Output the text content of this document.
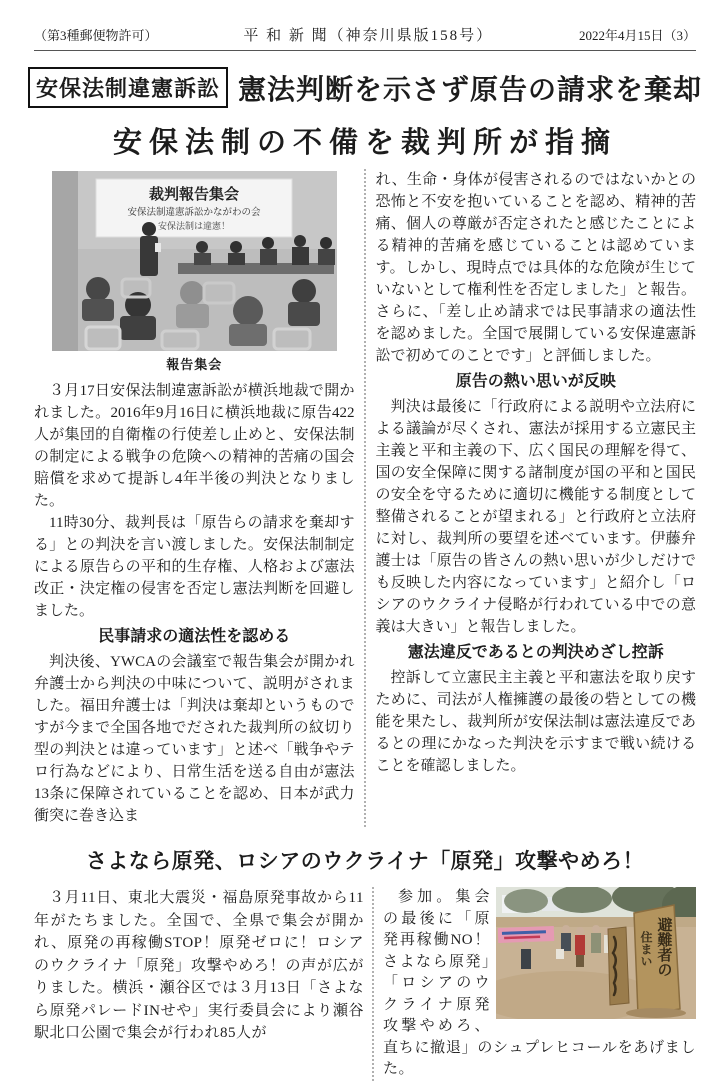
（第3種郵便物許可）	平 和 新 聞（神奈川県版158号）	2022年4月15日（3）
安保法制違憲訴訟 憲法判断を示さず原告の請求を棄却
安保法制の不備を裁判所が指摘
裁判報告集会
安保法制違憲訴訟かながわの会
安保法制は違憲！
報告集会

３月17日安保法制違憲訴訟が横浜地裁で開かれました。2016年9月16日に横浜地裁に原告422人が集団的自衛権の行使差し止めと、安保法制の制定による戦争の危険への精神的苦痛の国会賠償を求めて提訴し4年半後の判決となりました。

11時30分、裁判長は「原告らの請求を棄却する」との判決を言い渡しました。安保法制制定による原告らの平和的生存権、人格および憲法改正・決定権の侵害を否定し憲法判断を回避しました。

民事請求の適法性を認める

判決後、YWCAの会議室で報告集会が開かれ弁護士から判決の中味について、説明がされました。福田弁護士は「判決は棄却というものですが今まで全国各地でだされた裁判所の紋切り型の判決とは違っています」と述べ「戦争やテロ行為などにより、日常生活を送る自由が憲法13条に保障されていることを認め、日本が武力衝突に巻き込ま

れ、生命・身体が侵害されるのではないかとの恐怖と不安を抱いていることを認め、精神的苦痛、個人の尊厳が否定されたと感じたことによる精神的苦痛を感じていることは認めています。しかし、現時点では具体的な危険が生じていないとして権利性を否定しました」と報告。さらに、「差し止め請求では民事請求の適法性を認めました。全国で展開している安保違憲訴訟で初めてのことです」と評価しました。

原告の熱い思いが反映

判決は最後に「行政府による説明や立法府による議論が尽くされ、憲法が採用する立憲民主主義と平和主義の下、広く国民の理解を得て、国の安全保障に関する諸制度が国の平和と国民の安全を守るために適切に機能する制度として整備されることが望まれる」と行政府と立法府に対し、裁判所の要望を述べています。伊藤弁護士は「原告の皆さんの熱い思いが少しだけでも反映した内容になっています」と紹介し「ロシアのウクライナ侵略が行われている中での意義は大きい」と報告しました。

憲法違反であるとの判決めざし控訴

控訴して立憲民主主義と平和憲法を取り戻すために、司法が人権擁護の最後の砦としての機能を果たし、裁判所が安保法制は憲法違反であるとの理にかなった判決を示すまで戦い続けることを確認しました。

さよなら原発、ロシアのウクライナ「原発」攻撃やめろ！

３月11日、東北大震災・福島原発事故から11年がたちました。全国で、全県で集会が開かれ、原発の再稼働STOP！原発ゼロに！ロシアのウクライナ「原発」攻撃やめろ！の声が広がりました。横浜・瀬谷区では３月13日「さよなら原発パレードINせや」実行委員会により瀬谷駅北口公園で集会が行われ85人が

避難者の
住まい

参加。集会の最後に「原発再稼働NO！さよなら原発」「ロシアのウクライナ原発攻撃やめろ、直ちに撤退」のシュプレヒコールをあげました。
